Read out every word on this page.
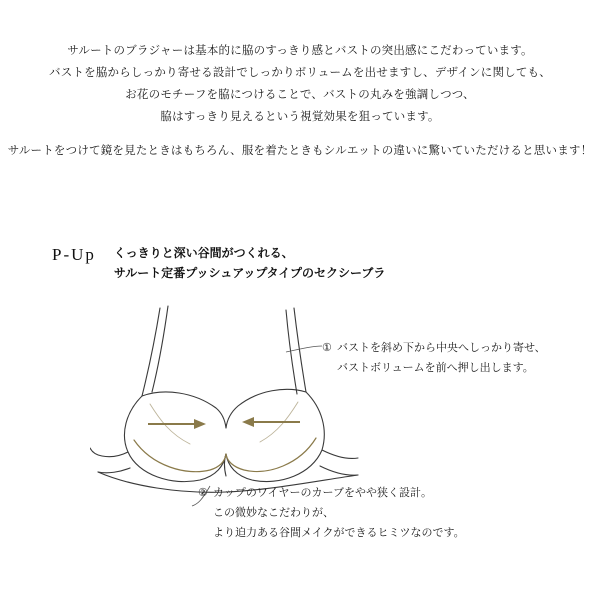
サルートのブラジャーは基本的に脇のすっきり感とバストの突出感にこだわっています。
バストを脇からしっかり寄せる設計でしっかりボリュームを出せますし、デザインに関しても、
お花のモチーフを脇につけることで、バストの丸みを強調しつつ、
脇はすっきり見えるという視覚効果を狙っています。
サルートをつけて鏡を見たときはもちろん、服を着たときもシルエットの違いに驚いていただけると思います！
P-Up くっきりと深い谷間がつくれる、
サルート定番プッシュアップタイプのセクシーブラ
① バストを斜め下から中央へしっかり寄せ、
バストボリュームを前へ押し出します。
② カップのワイヤーのカーブをやや狭く設計。
この微妙なこだわりが、
より迫力ある谷間メイクができるヒミツなのです。
